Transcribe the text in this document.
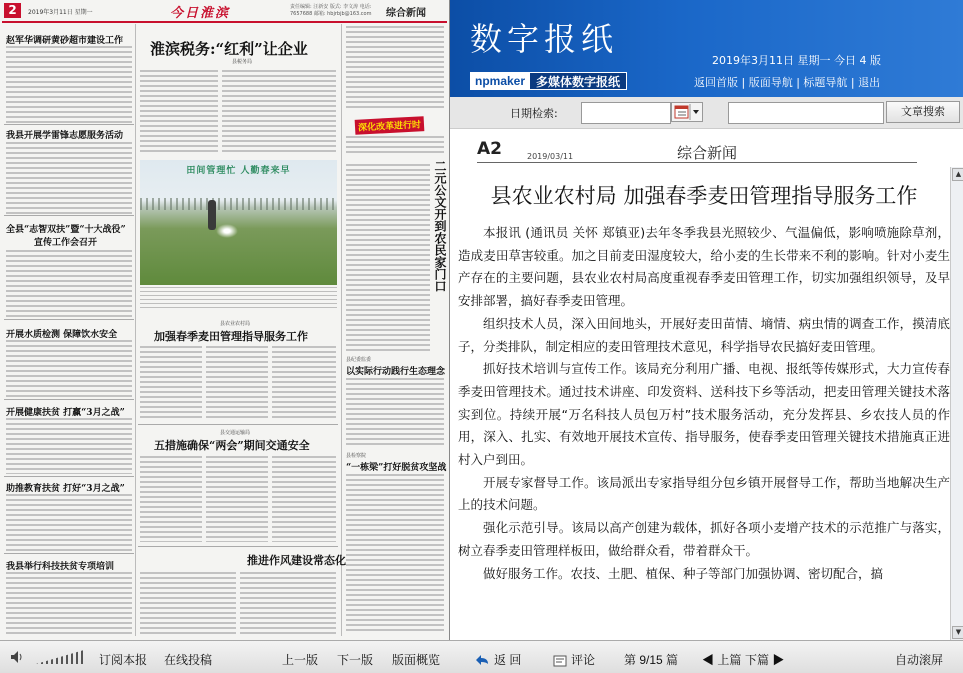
2	2019年3月11日 星期一	今日淮滨	责任编辑: 汪新安 版式: 李文涛 电话: 7657688 邮箱: hbjrbjb@163.com	综合新闻
赵军华调研黄砂超市建设工作
我县开展学雷锋志愿服务活动
全县“志智双扶”暨“十大战役”
宣传工作会召开
开展水质检测 保障饮水安全
开展健康扶贫 打赢“3月之战”
助推教育扶贫 打好“3月之战”
我县举行科技扶贫专项培训
县税务局
淮滨税务:“红利”让企业
深化改革进行时
田间管理忙 人勤春来早	二元公文开到农民家门口
县农业农村局
加强春季麦田管理指导服务工作
县纪委监委
以实际行动践行生态理念
县交通运输局
五措施确保“两会”期间交通安全
县检察院
“一栋梁”打好脱贫攻坚战
推进作风建设常态化
数字报纸
2019年3月11日 星期一 今日 4 版
npmaker 多媒体数字报纸	返回首版 | 版面导航 | 标题导航 | 退出
日期检索:	文章搜索
A2	2019/03/11	综合新闻
县农业农村局 加强春季麦田管理指导服务工作

本报讯 (通讯员 关怀 郑镇亚)去年冬季我县光照较少、气温偏低，影响喷施除草剂，造成麦田草害较重。加之目前麦田湿度较大，给小麦的生长带来不利的影响。针对小麦生产存在的主要问题，县农业农村局高度重视春季麦田管理工作，切实加强组织领导，及早安排部署，搞好春季麦田管理。

组织技术人员，深入田间地头，开展好麦田苗情、墒情、病虫情的调查工作，摸清底子，分类排队，制定相应的麦田管理技术意见，科学指导农民搞好麦田管理。

抓好技术培训与宣传工作。该局充分利用广播、电视、报纸等传媒形式，大力宣传春季麦田管理技术。通过技术讲座、印发资料、送科技下乡等活动，把麦田管理关键技术落实到位。持续开展“万名科技人员包万村”技术服务活动，充分发挥县、乡农技人员的作用，深入、扎实、有效地开展技术宣传、指导服务，使春季麦田管理关键技术措施真正进村入户到田。

开展专家督导工作。该局派出专家指导组分包乡镇开展督导工作，帮助当地解决生产上的技术问题。

强化示范引导。该局以高产创建为载体，抓好各项小麦增产技术的示范推广与落实，树立春季麦田管理样板田，做给群众看，带着群众干。

做好服务工作。农技、土肥、植保、种子等部门加强协调、密切配合，搞

▲
▼
订阅本报 在线投稿	上一版 下一版 版面概览	返 回	评论 第 9/15 篇 ◀ 上篇 下篇 ▶	自动滚屏
